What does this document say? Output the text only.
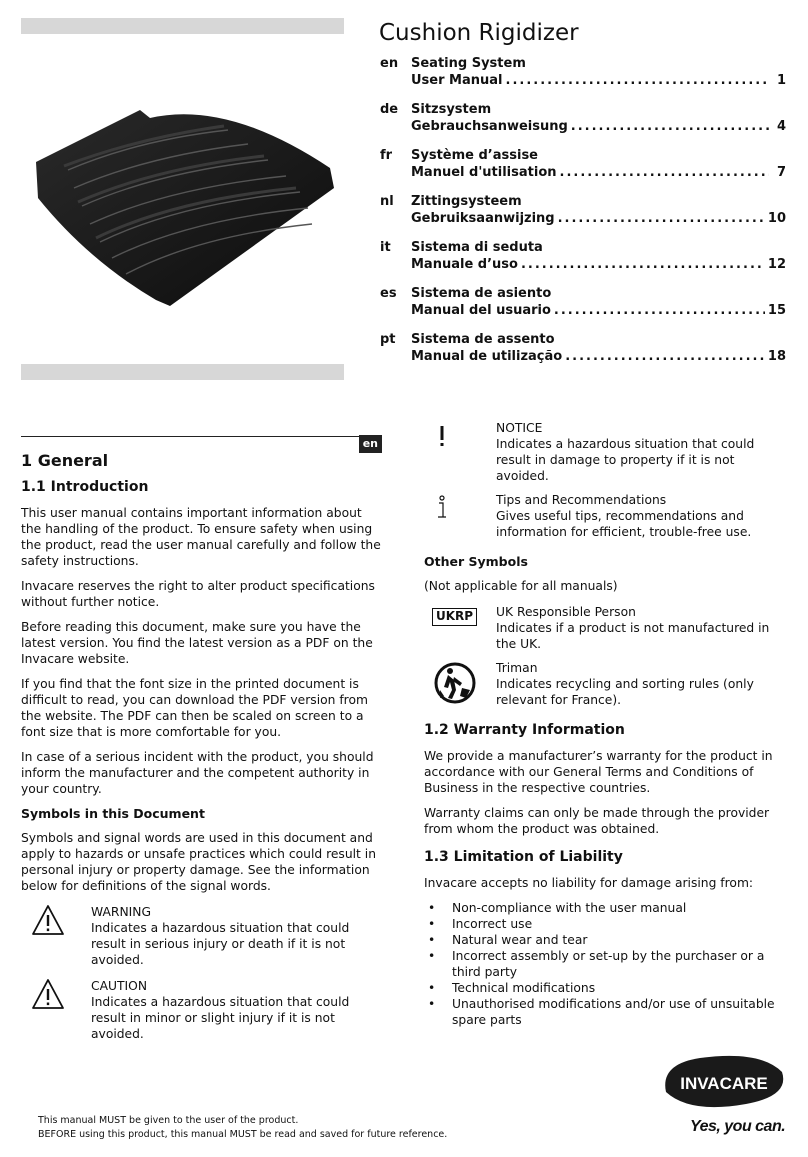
Cushion Rigidizer
en Seating System
User Manual .....	1
de Sitzsystem
Gebrauchsanweisung .....	4
fr Système d’assise
Manuel d'utilisation .....	7
nl Zittingsysteem
Gebruiksaanwijzing .....	10
it Sistema di seduta
Manuale d’uso .....	12
es Sistema de asiento
Manual del usuario .....	15
pt Sistema de assento
Manual de utilização .....	18
en
1 General
1.1 Introduction

This user manual contains important information about the handling of the product. To ensure safety when using the product, read the user manual carefully and follow the safety instructions.

Invacare reserves the right to alter product specifications without further notice.

Before reading this document, make sure you have the latest version. You find the latest version as a PDF on the Invacare website.

If you find that the font size in the printed document is difficult to read, you can download the PDF version from the website. The PDF can then be scaled on screen to a font size that is more comfortable for you.

In case of a serious incident with the product, you should inform the manufacturer and the competent authority in your country.

Symbols in this Document

Symbols and signal words are used in this document and apply to hazards or unsafe practices which could result in personal injury or property damage. See the information below for definitions of the signal words.

WARNING
Indicates a hazardous situation that could result in serious injury or death if it is not avoided.
CAUTION
Indicates a hazardous situation that could result in minor or slight injury if it is not avoided.
NOTICE
Indicates a hazardous situation that could result in damage to property if it is not avoided.
Tips and Recommendations
Gives useful tips, recommendations and information for efficient, trouble-free use.
Other Symbols

(Not applicable for all manuals)

UKRP	UK Responsible Person
Indicates if a product is not manufactured in the UK.
Triman
Indicates recycling and sorting rules (only relevant for France).
1.2 Warranty Information

We provide a manufacturer’s warranty for the product in accordance with our General Terms and Conditions of Business in the respective countries.

Warranty claims can only be made through the provider from whom the product was obtained.

1.3 Limitation of Liability

Invacare accepts no liability for damage arising from:

• Non-compliance with the user manual
• Incorrect use
• Natural wear and tear
• Incorrect assembly or set-up by the purchaser or a third party
• Technical modifications
• Unauthorised modifications and/or use of unsuitable spare parts
This manual MUST be given to the user of the product.
BEFORE using this product, this manual MUST be read and saved for future reference.
INVACARE
Yes, you can.
